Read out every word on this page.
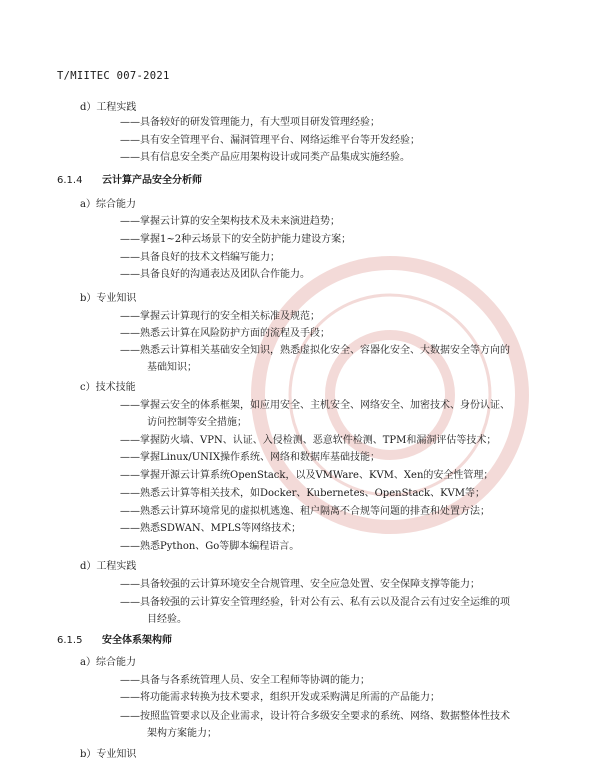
T/MIITEC 007-2021
d）工程实践
——具备较好的研发管理能力，有大型项目研发管理经验；
——具有安全管理平台、漏洞管理平台、网络运维平台等开发经验；
——具有信息安全类产品应用架构设计或同类产品集成实施经验。
6.1.4 云计算产品安全分析师
a）综合能力
——掌握云计算的安全架构技术及未来演进趋势；
——掌握1~2种云场景下的安全防护能力建设方案；
——具备良好的技术文档编写能力；
——具备良好的沟通表达及团队合作能力。
b）专业知识
——掌握云计算现行的安全相关标准及规范；
——熟悉云计算在风险防护方面的流程及手段；
——熟悉云计算相关基础安全知识，熟悉虚拟化安全、容器化安全、大数据安全等方向的
基础知识；
c）技术技能
——掌握云安全的体系框架，如应用安全、主机安全、网络安全、加密技术、身份认证、
访问控制等安全措施；
——掌握防火墙、VPN、认证、入侵检测、恶意软件检测、TPM和漏洞评估等技术；
——掌握Linux/UNIX操作系统、网络和数据库基础技能；
——掌握开源云计算系统OpenStack，以及VMWare、KVM、Xen的安全性管理；
——熟悉云计算等相关技术，如Docker、Kubernetes、OpenStack、KVM等；
——熟悉云计算环境常见的虚拟机逃逸、租户隔离不合规等问题的排查和处置方法；
——熟悉SDWAN、MPLS等网络技术；
——熟悉Python、Go等脚本编程语言。
d）工程实践
——具备较强的云计算环境安全合规管理、安全应急处置、安全保障支撑等能力；
——具备较强的云计算安全管理经验，针对公有云、私有云以及混合云有过安全运维的项
目经验。
6.1.5 安全体系架构师
a）综合能力
——具备与各系统管理人员、安全工程师等协调的能力；
——将功能需求转换为技术要求，组织开发或采购满足所需的产品能力；
——按照监管要求以及企业需求，设计符合多级安全要求的系统、网络、数据整体性技术
架构方案能力；
b）专业知识
